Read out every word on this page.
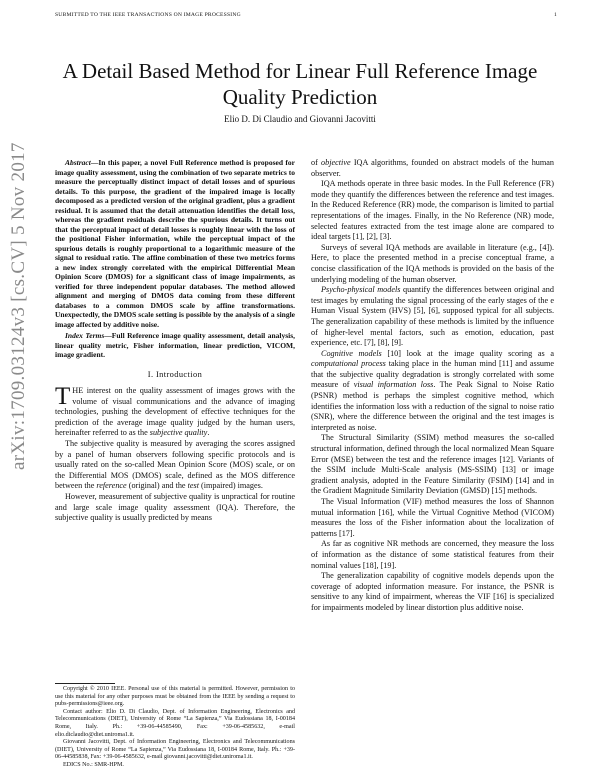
SUBMITTED TO THE IEEE TRANSACTIONS ON IMAGE PROCESSING	1
arXiv:1709.03124v3 [cs.CV] 5 Nov 2017
A Detail Based Method for Linear Full Reference Image Quality Prediction
Elio D. Di Claudio and Giovanni Jacovitti
Abstract—In this paper, a novel Full Reference method is proposed for image quality assessment, using the combination of two separate metrics to measure the perceptually distinct impact of detail losses and of spurious details. To this purpose, the gradient of the impaired image is locally decomposed as a predicted version of the original gradient, plus a gradient residual. It is assumed that the detail attenuation identifies the detail loss, whereas the gradient residuals describe the spurious details. It turns out that the perceptual impact of detail losses is roughly linear with the loss of the positional Fisher information, while the perceptual impact of the spurious details is roughly proportional to a logarithmic measure of the signal to residual ratio. The affine combination of these two metrics forms a new index strongly correlated with the empirical Differential Mean Opinion Score (DMOS) for a significant class of image impairments, as verified for three independent popular databases. The method allowed alignment and merging of DMOS data coming from these different databases to a common DMOS scale by affine transformations. Unexpectedly, the DMOS scale setting is possible by the analysis of a single image affected by additive noise.
Index Terms—Full Reference image quality assessment, detail analysis, linear quality metric, Fisher information, linear prediction, VICOM, image gradient.
I. Introduction

THE interest on the quality assessment of images grows with the volume of visual communications and the advance of imaging technologies, pushing the development of effective techniques for the prediction of the average image quality judged by the human users, hereinafter referred to as the subjective quality.

The subjective quality is measured by averaging the scores assigned by a panel of human observers following specific protocols and is usually rated on the so-called Mean Opinion Score (MOS) scale, or on the Differential MOS (DMOS) scale, defined as the MOS difference between the reference (original) and the test (impaired) images.

However, measurement of subjective quality is unpractical for routine and large scale image quality assessment (IQA). Therefore, the subjective quality is usually predicted by means

Copyright © 2010 IEEE. Personal use of this material is permitted. However, permission to use this material for any other purposes must be obtained from the IEEE by sending a request to pubs-permissions@ieee.org.

Contact author: Elio D. Di Claudio, Dept. of Information Engineering, Electronics and Telecommunications (DIET), University of Rome “La Sapienza,” Via Eudossiana 18, I-00184 Rome, Italy. Ph.: +39-06-44585490, Fax: +39-06-4585632, e-mail elio.diclaudio@diet.uniroma1.it.

Giovanni Jacovitti, Dept. of Information Engineering, Electronics and Telecommunications (DIET), University of Rome “La Sapienza,” Via Eudossiana 18, I-00184 Rome, Italy. Ph.: +39-06-44585838, Fax: +39-06-4585632, e-mail giovanni.jacovitti@diet.uniroma1.it.

EDICS No.: SMR-HPM.

of objective IQA algorithms, founded on abstract models of the human observer.

IQA methods operate in three basic modes. In the Full Reference (FR) mode they quantify the differences between the reference and test images. In the Reduced Reference (RR) mode, the comparison is limited to partial representations of the images. Finally, in the No Reference (NR) mode, selected features extracted from the test image alone are compared to ideal targets [1], [2], [3].

Surveys of several IQA methods are available in literature (e.g., [4]). Here, to place the presented method in a precise conceptual frame, a concise classification of the IQA methods is provided on the basis of the underlying modeling of the human observer.

Psycho-physical models quantify the differences between original and test images by emulating the signal processing of the early stages of the e Human Visual System (HVS) [5], [6], supposed typical for all subjects. The generalization capability of these methods is limited by the influence of higher-level mental factors, such as emotion, education, past experience, etc. [7], [8], [9].

Cognitive models [10] look at the image quality scoring as a computational process taking place in the human mind [11] and assume that the subjective quality degradation is strongly correlated with some measure of visual information loss. The Peak Signal to Noise Ratio (PSNR) method is perhaps the simplest cognitive method, which identifies the information loss with a reduction of the signal to noise ratio (SNR), where the difference between the original and the test images is interpreted as noise.

The Structural Similarity (SSIM) method measures the so-called structural information, defined through the local normalized Mean Square Error (MSE) between the test and the reference images [12]. Variants of the SSIM include Multi-Scale analysis (MS-SSIM) [13] or image gradient analysis, adopted in the Feature Similarity (FSIM) [14] and in the Gradient Magnitude Similarity Deviation (GMSD) [15] methods.

The Visual Information (VIF) method measures the loss of Shannon mutual information [16], while the Virtual Cognitive Method (VICOM) measures the loss of the Fisher information about the localization of patterns [17].

As far as cognitive NR methods are concerned, they measure the loss of information as the distance of some statistical features from their nominal values [18], [19].

The generalization capability of cognitive models depends upon the coverage of adopted information measure. For instance, the PSNR is sensitive to any kind of impairment, whereas the VIF [16] is specialized for impairments modeled by linear distortion plus additive noise.
